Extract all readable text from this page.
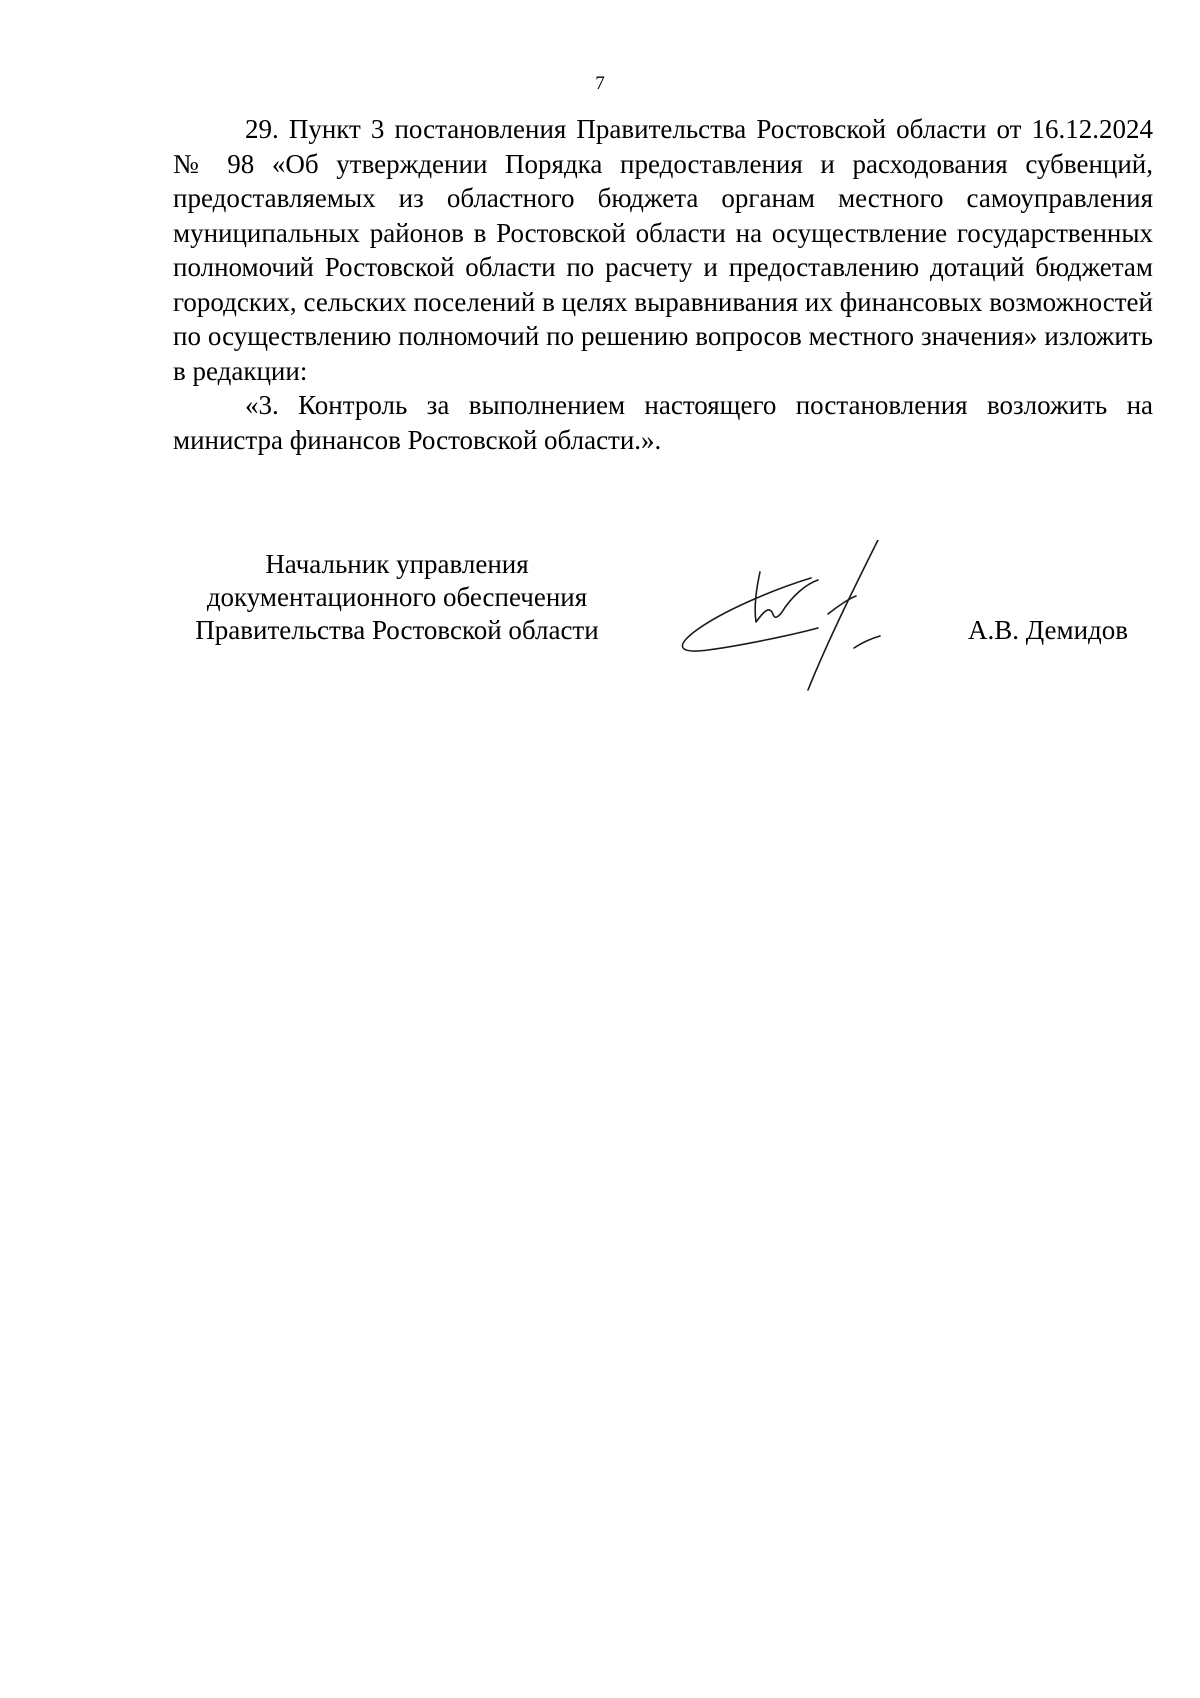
7

29. Пункт 3 постановления Правительства Ростовской области от 16.12.2024 № 98 «Об утверждении Порядка предоставления и расходования субвенций, предоставляемых из областного бюджета органам местного самоуправления муниципальных районов в Ростовской области на осуществление государственных полномочий Ростовской области по расчету и предоставлению дотаций бюджетам городских, сельских поселений в целях выравнивания их финансовых возможностей по осуществлению полномочий по решению вопросов местного значения» изложить в редакции:

«3. Контроль за выполнением настоящего постановления возложить на министра финансов Ростовской области.».

Начальник управления
документационного обеспечения
Правительства Ростовской области	А.В. Демидов
